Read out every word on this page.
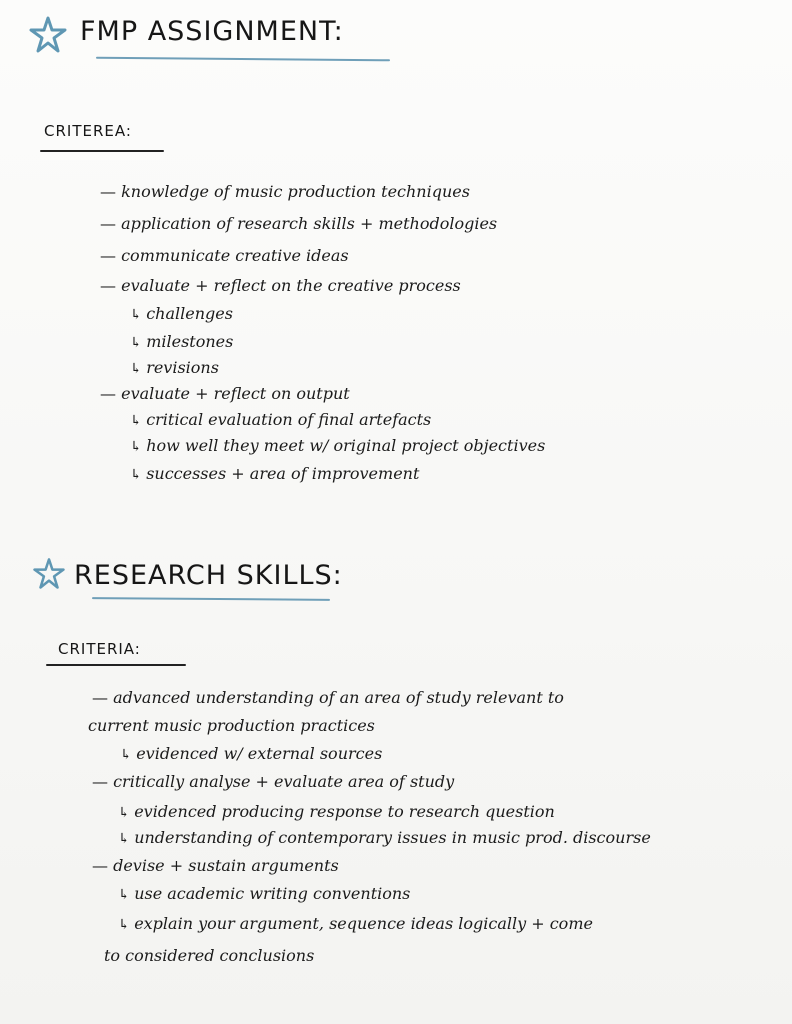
FMP ASSIGNMENT:
CRITEREA:
— knowledge of music production techniques
— application of research skills + methodologies
— communicate creative ideas
— evaluate + reflect on the creative process
↳ challenges
↳ milestones
↳ revisions
— evaluate + reflect on output
↳ critical evaluation of final artefacts
↳ how well they meet w/ original project objectives
↳ successes + area of improvement
RESEARCH SKILLS:
CRITERIA:
— advanced understanding of an area of study relevant to
current music production practices
↳ evidenced w/ external sources
— critically analyse + evaluate area of study
↳ evidenced producing response to research question
↳ understanding of contemporary issues in music prod. discourse
— devise + sustain arguments
↳ use academic writing conventions
↳ explain your argument, sequence ideas logically + come
to considered conclusions
